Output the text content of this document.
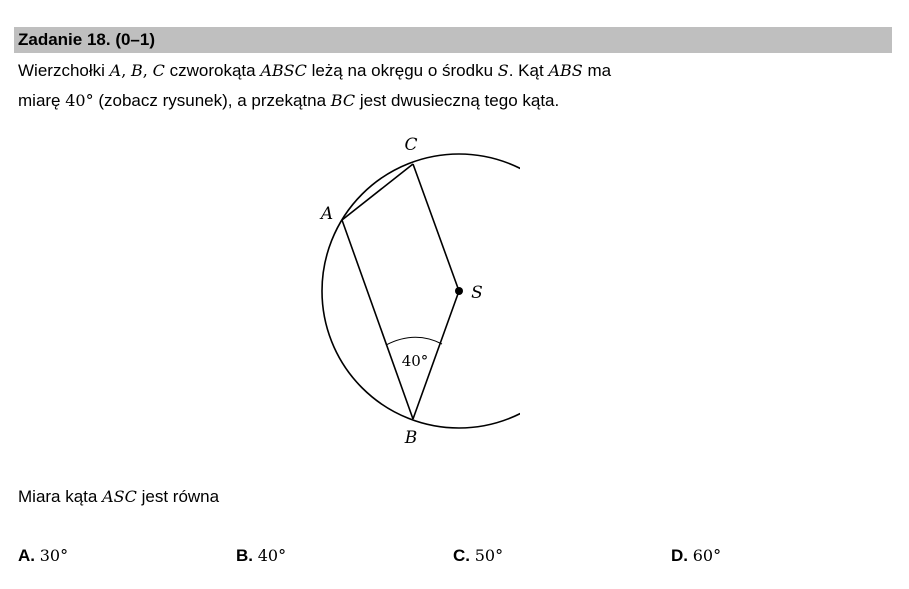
Zadanie 18. (0–1)
Wierzchołki A, B, C czworokąta ABSC leżą na okręgu o środku S. Kąt ABS ma
miarę 40° (zobacz rysunek), a przekątna BC jest dwusieczną tego kąta.
C
A
S
B
40°
Miara kąta ASC jest równa
A. 30°	B. 40°	C. 50°	D. 60°
